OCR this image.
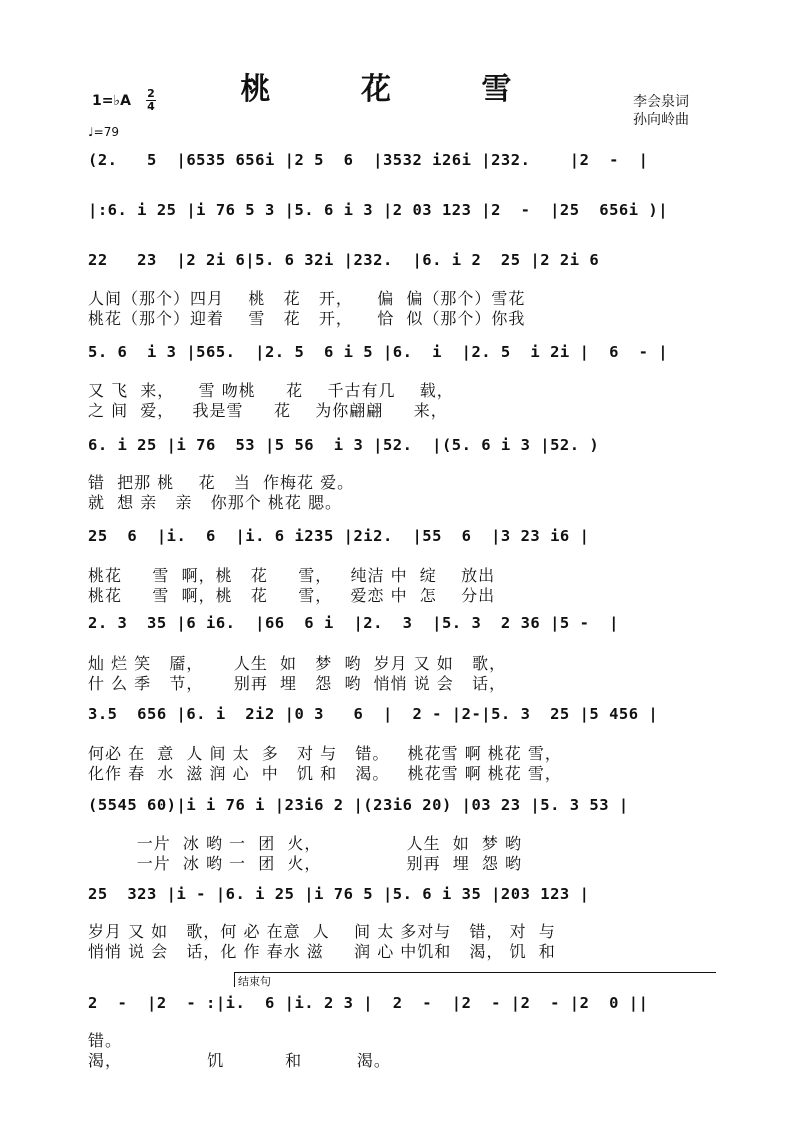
桃 花 雪
1=♭A 2
4
♩=79
李会泉词
孙向岭曲
(2.   5  |6535 656i |2 5  6  |3532 i26i |232.    |2  -  |
|:6. i 25 |i 76 5 3 |5. 6 i 3 |2 03 123 |2  -  |25  656i )|
22   23  |2 2i 6|5. 6 32i |232.  |6. i 2  25 |2 2i 6
人间（那个）四月    桃   花   开，    偏  偏（那个）雪花
桃花（那个）迎着    雪   花   开，    恰  似（那个）你我
5. 6  i 3 |565.  |2. 5  6 i 5 |6.  i  |2. 5  i 2i |  6  - |
又 飞  来，    雪 吻桃     花    千古有几    载，
之 间  爱，   我是雪     花    为你翩翩     来，
6. i 25 |i 76  53 |5 56  i 3 |52.  |(5. 6 i 3 |52. )
错  把那 桃    花   当  作梅花 爱。
就  想 亲   亲   你那个 桃花 腮。
25  6  |i.  6  |i. 6 i235 |2i2.  |55  6  |3 23 i6 |
桃花     雪  啊，桃   花     雪，   纯洁 中  绽    放出
桃花     雪  啊，桃   花     雪，   爱恋 中  怎    分出
2. 3  35 |6 i6.  |66  6 i  |2.  3  |5. 3  2 36 |5 -  |
灿 烂 笑   靥，     人生  如   梦  哟  岁月 又 如   歌，
什 么 季   节，     别再  埋   怨  哟  悄悄 说 会   话，
3.5  656 |6. i  2i2 |0 3   6  |  2 - |2-|5. 3  25 |5 456 |
何必 在  意  人 间 太  多   对 与   错。   桃花雪 啊 桃花 雪，
化作 春  水  滋 润 心  中   饥 和   渴。   桃花雪 啊 桃花 雪，
(5545 60)|i i 76 i |23i6 2 |(23i6 20) |03 23 |5. 3 53 |
一片  冰 哟 一  团  火，              人生  如  梦 哟
一片  冰 哟 一  团  火，              别再  埋  怨 哟
25  323 |i - |6. i 25 |i 76 5 |5. 6 i 35 |203 123 |
岁月 又 如   歌，何 必 在意  人    间 太 多对与   错， 对  与
悄悄 说 会   话，化 作 春水 滋     润 心 中饥和   渴， 饥  和
2  -  |2  - :|i.  6 |i. 2 3 |  2  -  |2  - |2  - |2  0 ||
错。
渴，              饥          和         渴。
结束句
